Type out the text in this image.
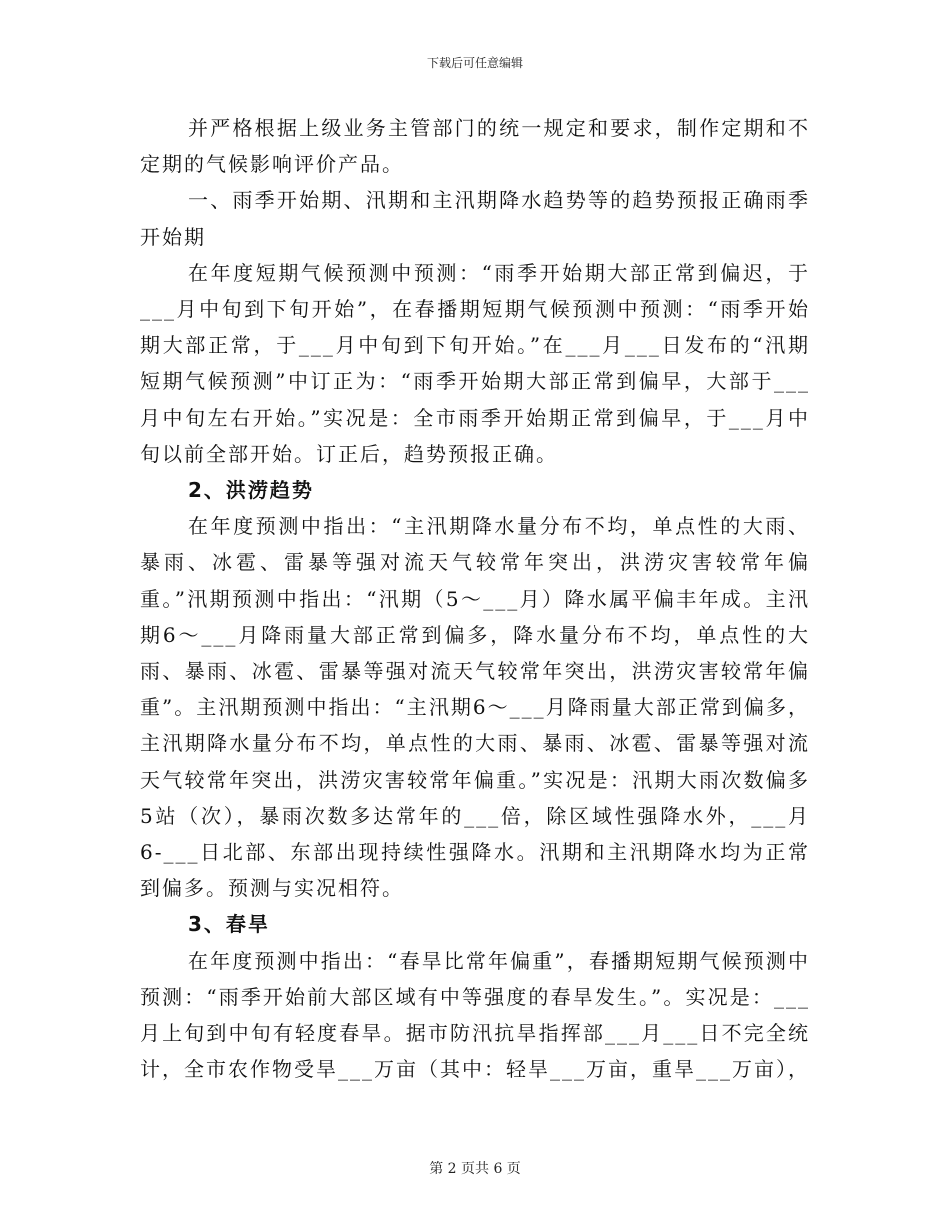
下载后可任意编辑

并严格根据上级业务主管部门的统一规定和要求，制作定期和不定期的气候影响评价产品。

一、雨季开始期、汛期和主汛期降水趋势等的趋势预报正确雨季开始期

在年度短期气候预测中预测：“雨季开始期大部正常到偏迟，于___月中旬到下旬开始”，在春播期短期气候预测中预测：“雨季开始期大部正常，于___月中旬到下旬开始。”在___月___日发布的“汛期短期气候预测”中订正为：“雨季开始期大部正常到偏早，大部于___月中旬左右开始。”实况是：全市雨季开始期正常到偏早，于___月中旬以前全部开始。订正后，趋势预报正确。

2、洪涝趋势

在年度预测中指出：“主汛期降水量分布不均，单点性的大雨、暴雨、冰雹、雷暴等强对流天气较常年突出，洪涝灾害较常年偏重。”汛期预测中指出：“汛期（5～___月）降水属平偏丰年成。主汛期6～___月降雨量大部正常到偏多，降水量分布不均，单点性的大雨、暴雨、冰雹、雷暴等强对流天气较常年突出，洪涝灾害较常年偏重”。主汛期预测中指出：“主汛期6～___月降雨量大部正常到偏多，主汛期降水量分布不均，单点性的大雨、暴雨、冰雹、雷暴等强对流天气较常年突出，洪涝灾害较常年偏重。”实况是：汛期大雨次数偏多5站（次），暴雨次数多达常年的___倍，除区域性强降水外，___月6-___日北部、东部出现持续性强降水。汛期和主汛期降水均为正常到偏多。预测与实况相符。

3、春旱

在年度预测中指出：“春旱比常年偏重”，春播期短期气候预测中预测：“雨季开始前大部区域有中等强度的春旱发生。”。实况是：___月上旬到中旬有轻度春旱。据市防汛抗旱指挥部___月___日不完全统计，全市农作物受旱___万亩（其中：轻旱___万亩，重旱___万亩），

第 2 页共 6 页
